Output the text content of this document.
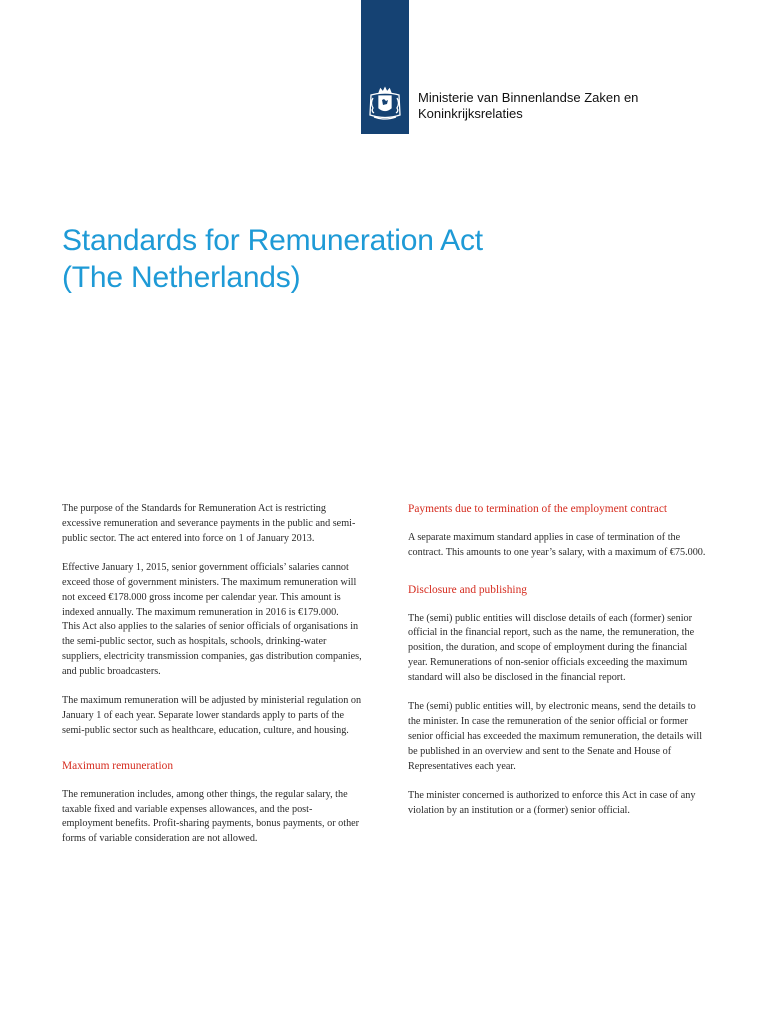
Ministerie van Binnenlandse Zaken en
Koninkrijksrelaties
Standards for Remuneration Act
(The Netherlands)

The purpose of the Standards for Remuneration Act is restricting excessive remuneration and severance payments in the public and semi-public sector. The act entered into force on 1 of January 2013.

Effective January 1, 2015, senior government officials’ salaries cannot exceed those of government ministers. The maximum remuneration will not exceed €178.000 gross income per calendar year. This amount is indexed annually. The maximum remuneration in 2016 is €179.000.

This Act also applies to the salaries of senior officials of organisations in the semi-public sector, such as hospitals, schools, drinking-water suppliers, electricity transmission companies, gas distribution companies, and public broadcasters.

The maximum remuneration will be adjusted by ministerial regulation on January 1 of each year. Separate lower standards apply to parts of the semi-public sector such as healthcare, education, culture, and housing.

Maximum remuneration

The remuneration includes, among other things, the regular salary, the taxable fixed and variable expenses allowances, and the post-employment benefits. Profit-sharing payments, bonus payments, or other forms of variable consideration are not allowed.

Payments due to termination of the employment contract

A separate maximum standard applies in case of termination of the contract. This amounts to one year’s salary, with a maximum of €75.000.

Disclosure and publishing

The (semi) public entities will disclose details of each (former) senior official in the financial report, such as the name, the remuneration, the position, the duration, and scope of employment during the financial year. Remunerations of non-senior officials exceeding the maximum standard will also be disclosed in the financial report.

The (semi) public entities will, by electronic means, send the details to the minister. In case the remuneration of the senior official or former senior official has exceeded the maximum remuneration, the details will be published in an overview and sent to the Senate and House of Representatives each year.

The minister concerned is authorized to enforce this Act in case of any violation by an institution or a (former) senior official.
